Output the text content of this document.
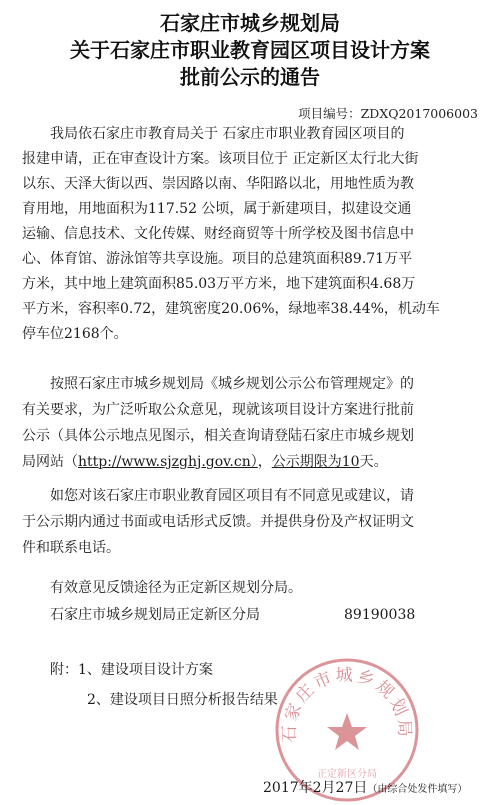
石家庄市城乡规划局
关于石家庄市职业教育园区项目设计方案
批前公示的通告
项目编号：ZDXQ2017006003
　　我局依石家庄市教育局关于 石家庄市职业教育园区项目的
报建申请，正在审查设计方案。该项目位于 正定新区太行北大街
以东、天泽大街以西、崇因路以南、华阳路以北，用地性质为教
育用地，用地面积为117.52 公顷，属于新建项目，拟建设交通
运输、信息技术、文化传媒、财经商贸等十所学校及图书信息中
心、体育馆、游泳馆等共享设施。项目的总建筑面积89.71万平
方米，其中地上建筑面积85.03万平方米，地下建筑面积4.68万
平方米，容积率0.72，建筑密度20.06%，绿地率38.44%，机动车
停车位2168个。
　　按照石家庄市城乡规划局《城乡规划公示公布管理规定》的
有关要求，为广泛听取公众意见，现就该项目设计方案进行批前
公示（具体公示地点见图示，相关查询请登陆石家庄市城乡规划
局网站（http://www.sjzghj.gov.cn），公示期限为10天。
　　如您对该石家庄市职业教育园区项目有不同意见或建议，请
于公示期内通过书面或电话形式反馈。并提供身份及产权证明文
件和联系电话。
　　有效意见反馈途径为正定新区规划分局。
　　石家庄市城乡规划局正定新区分局	89190038
　　附：1、建设项目设计方案
2、建设项目日照分析报告结果
石家庄市城乡规划局
正定新区分局
2017年2月27日（由综合处发件填写）
